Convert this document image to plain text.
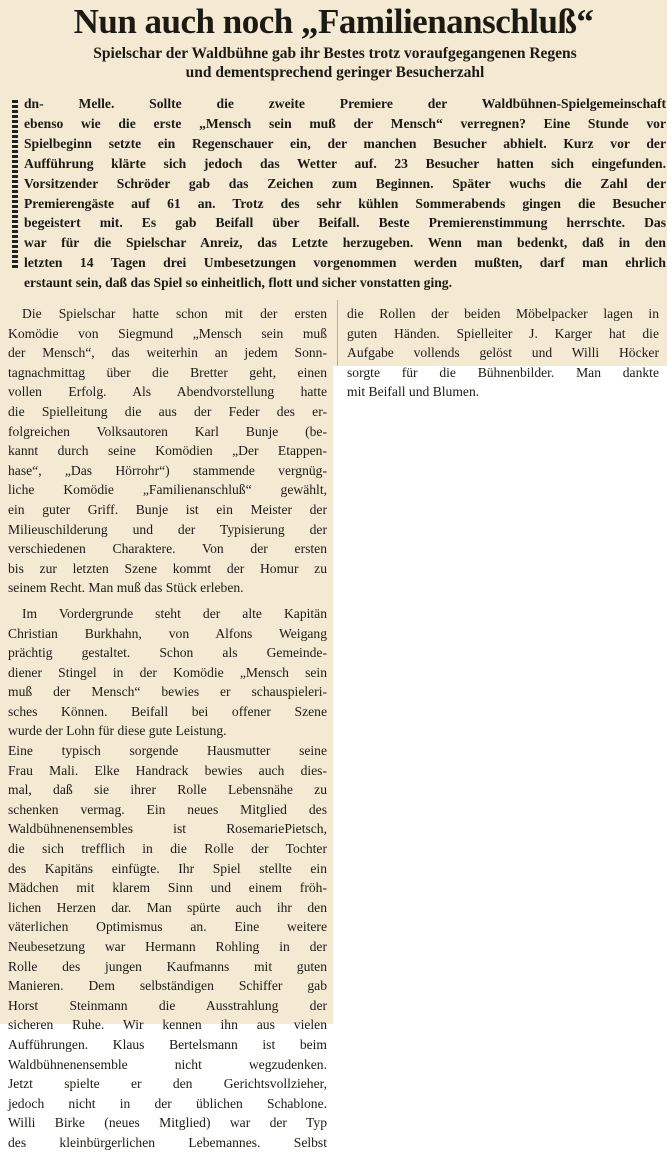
Nun auch noch „Familienanschluß“
Spielschar der Waldbühne gab ihr Bestes trotz voraufgegangenen Regens
und dementsprechend geringer Besucherzahl
dn- Melle. Sollte die zweite Premiere der Waldbühnen-Spielgemeinschaft
ebenso wie die erste „Mensch sein muß der Mensch“ verregnen? Eine Stunde vor
Spielbeginn setzte ein Regenschauer ein, der manchen Besucher abhielt. Kurz vor der
Aufführung klärte sich jedoch das Wetter auf. 23 Besucher hatten sich eingefunden.
Vorsitzender Schröder gab das Zeichen zum Beginnen. Später wuchs die Zahl der
Premierengäste auf 61 an. Trotz des sehr kühlen Sommerabends gingen die Besucher
begeistert mit. Es gab Beifall über Beifall. Beste Premierenstimmung herrschte. Das
war für die Spielschar Anreiz, das Letzte herzugeben. Wenn man bedenkt, daß in den
letzten 14 Tagen drei Umbesetzungen vorgenommen werden mußten, darf man ehrlich
erstaunt sein, daß das Spiel so einheitlich, flott und sicher vonstatten ging.
Die Spielschar hatte schon mit der ersten
Komödie von Siegmund „Mensch sein muß
der Mensch“, das weiterhin an jedem Sonn-
tagnachmittag über die Bretter geht, einen
vollen Erfolg. Als Abendvorstellung hatte
die Spielleitung die aus der Feder des er-
folgreichen Volksautoren Karl Bunje (be-
kannt durch seine Komödien „Der Etappen-
hase“, „Das Hörrohr“) stammende vergnüg-
liche Komödie „Familienanschluß“ gewählt,
ein guter Griff. Bunje ist ein Meister der
Milieuschilderung und der Typisierung der
verschiedenen Charaktere. Von der ersten
bis zur letzten Szene kommt der Homur zu
seinem Recht. Man muß das Stück erleben.
Im Vordergrunde steht der alte Kapitän
Christian Burkhahn, von Alfons Weigang
prächtig gestaltet. Schon als Gemeinde-
diener Stingel in der Komödie „Mensch sein
muß der Mensch“ bewies er schauspieleri-
sches Können. Beifall bei offener Szene
wurde der Lohn für diese gute Leistung.
Eine typisch sorgende Hausmutter seine
Frau Mali. Elke Handrack bewies auch dies-
mal, daß sie ihrer Rolle Lebensnähe zu
schenken vermag. Ein neues Mitglied des
Waldbühnenensembles ist RosemariePietsch,
die sich trefflich in die Rolle der Tochter
des Kapitäns einfügte. Ihr Spiel stellte ein
Mädchen mit klarem Sinn und einem fröh-
lichen Herzen dar. Man spürte auch ihr den
väterlichen Optimismus an. Eine weitere
Neubesetzung war Hermann Rohling in der
Rolle des jungen Kaufmanns mit guten
Manieren. Dem selbständigen Schiffer gab
Horst Steinmann die Ausstrahlung der
sicheren Ruhe. Wir kennen ihn aus vielen
Aufführungen. Klaus Bertelsmann ist beim
Waldbühnenensemble nicht wegzudenken.
Jetzt spielte er den Gerichtsvollzieher,
jedoch nicht in der üblichen Schablone.
Willi Birke (neues Mitglied) war der Typ
des kleinbürgerlichen Lebemannes. Selbst
die Rollen der beiden Möbelpacker lagen in
guten Händen. Spielleiter J. Karger hat die
Aufgabe vollends gelöst und Willi Höcker
sorgte für die Bühnenbilder. Man dankte
mit Beifall und Blumen.
